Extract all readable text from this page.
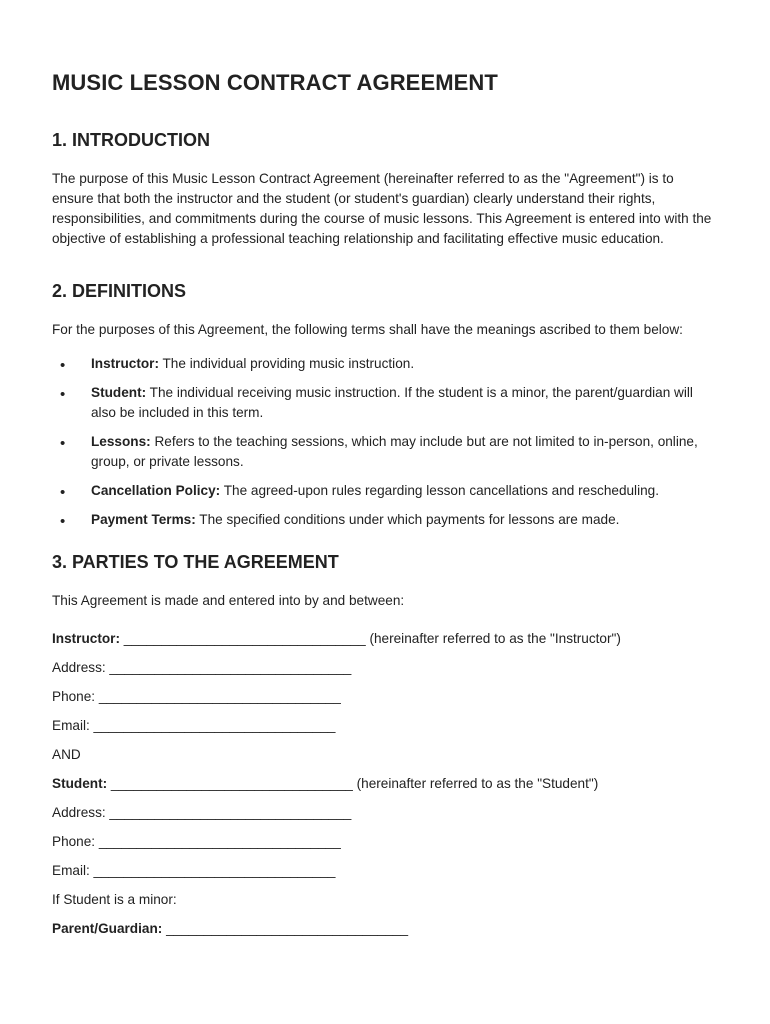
MUSIC LESSON CONTRACT AGREEMENT
1. INTRODUCTION

The purpose of this Music Lesson Contract Agreement (hereinafter referred to as the "Agreement") is to ensure that both the instructor and the student (or student's guardian) clearly understand their rights, responsibilities, and commitments during the course of music lessons. This Agreement is entered into with the objective of establishing a professional teaching relationship and facilitating effective music education.

2. DEFINITIONS

For the purposes of this Agreement, the following terms shall have the meanings ascribed to them below:

• Instructor: The individual providing music instruction.
• Student: The individual receiving music instruction. If the student is a minor, the parent/guardian will also be included in this term.
• Lessons: Refers to the teaching sessions, which may include but are not limited to in-person, online, group, or private lessons.
• Cancellation Policy: The agreed-upon rules regarding lesson cancellations and rescheduling.
• Payment Terms: The specified conditions under which payments for lessons are made.
3. PARTIES TO THE AGREEMENT

This Agreement is made and entered into by and between:

Instructor: ________________________________ (hereinafter referred to as the "Instructor")
Address: ________________________________
Phone: ________________________________
Email: ________________________________
AND
Student: ________________________________ (hereinafter referred to as the "Student")
Address: ________________________________
Phone: ________________________________
Email: ________________________________
If Student is a minor:
Parent/Guardian: ________________________________
